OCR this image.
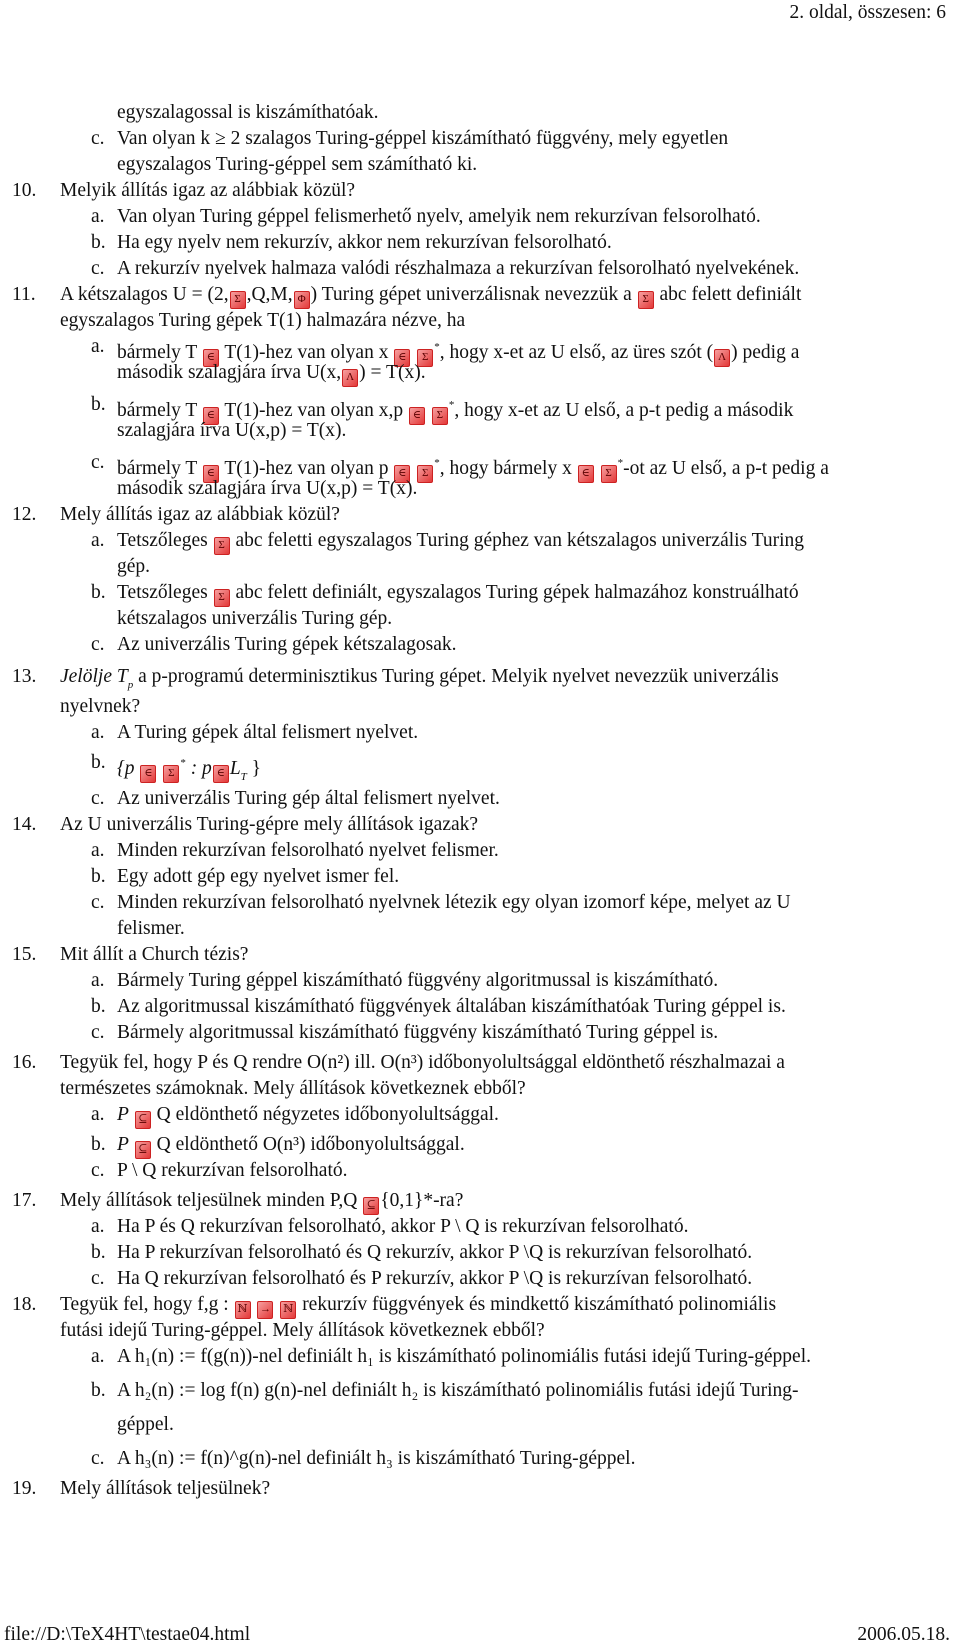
2. oldal, összesen: 6
egyszalagossal is kiszámíthatóak.
c. Van olyan k ≥ 2 szalagos Turing-géppel kiszámítható függvény, mely egyetlen
egyszalagos Turing-géppel sem számítható ki.
10. Melyik állítás igaz az alábbiak közül?
a. Van olyan Turing géppel felismerhető nyelv, amelyik nem rekurzívan felsorolható.
b. Ha egy nyelv nem rekurzív, akkor nem rekurzívan felsorolható.
c. A rekurzív nyelvek halmaza valódi részhalmaza a rekurzívan felsorolható nyelvekének.
11. A kétszalagos U = (2, Σ ,Q,M, Φ ) Turing gépet univerzálisnak nevezzük a Σ abc felett definiált
egyszalagos Turing gépek T(1) halmazára nézve, ha
a. bármely T ∈ T(1)-hez van olyan x ∈ Σ*, hogy x-et az U első, az üres szót ( Λ ) pedig a
második szalagjára írva U(x, Λ ) = T(x).
b. bármely T ∈ T(1)-hez van olyan x,p ∈ Σ*, hogy x-et az U első, a p-t pedig a második
szalagjára írva U(x,p) = T(x).
c. bármely T ∈ T(1)-hez van olyan p ∈ Σ*, hogy bármely x ∈ Σ*-ot az U első, a p-t pedig a
második szalagjára írva U(x,p) = T(x).
12. Mely állítás igaz az alábbiak közül?
a. Tetszőleges Σ abc feletti egyszalagos Turing géphez van kétszalagos univerzális Turing
gép.
b. Tetszőleges Σ abc felett definiált, egyszalagos Turing gépek halmazához konstruálható
kétszalagos univerzális Turing gép.
c. Az univerzális Turing gépek kétszalagosak.
13. Jelölje $T_p$ a p-programú determinisztikus Turing gépet. Melyik nyelvet nevezzük univerzális
nyelvnek?
a. A Turing gépek által felismert nyelvet.
b. {p ∈ Σ* : p ∈ $L_T$ }
c. Az univerzális Turing gép által felismert nyelvet.
14. Az U univerzális Turing-gépre mely állítások igazak?
a. Minden rekurzívan felsorolható nyelvet felismer.
b. Egy adott gép egy nyelvet ismer fel.
c. Minden rekurzívan felsorolható nyelvnek létezik egy olyan izomorf képe, melyet az U
felismer.
15. Mit állít a Church tézis?
a. Bármely Turing géppel kiszámítható függvény algoritmussal is kiszámítható.
b. Az algoritmussal kiszámítható függvények általában kiszámíthatóak Turing géppel is.
c. Bármely algoritmussal kiszámítható függvény kiszámítható Turing géppel is.
16. Tegyük fel, hogy P és Q rendre O(n²) ill. O(n³) időbonyolultsággal eldönthető részhalmazai a
természetes számoknak. Mely állítások következnek ebből?
a. P ⊆ Q eldönthető négyzetes időbonyolultsággal.
b. P ⊆ Q eldönthető O(n³) időbonyolultsággal.
c. P \ Q rekurzívan felsorolható.
17. Mely állítások teljesülnek minden P,Q ⊆ {0,1}*-ra?
a. Ha P és Q rekurzívan felsorolható, akkor P \ Q is rekurzívan felsorolható.
b. Ha P rekurzívan felsorolható és Q rekurzív, akkor P \Q is rekurzívan felsorolható.
c. Ha Q rekurzívan felsorolható és P rekurzív, akkor P \Q is rekurzívan felsorolható.
18. Tegyük fel, hogy f,g : ℕ → ℕ rekurzív függvények és mindkettő kiszámítható polinomiális
futási idejű Turing-géppel. Mely állítások következnek ebből?
a. A h₁(n) := f(g(n))-nel definiált h₁ is kiszámítható polinomiális futási idejű Turing-géppel.
b. A h₂(n) := log f(n) g(n)-nel definiált h₂ is kiszámítható polinomiális futási idejű Turing-
géppel.
c. A h₃(n) := f(n)^g(n)-nel definiált h₃ is kiszámítható Turing-géppel.
19. Mely állítások teljesülnek?
file://D:\TeX4HT\testae04.html	2006.05.18.
